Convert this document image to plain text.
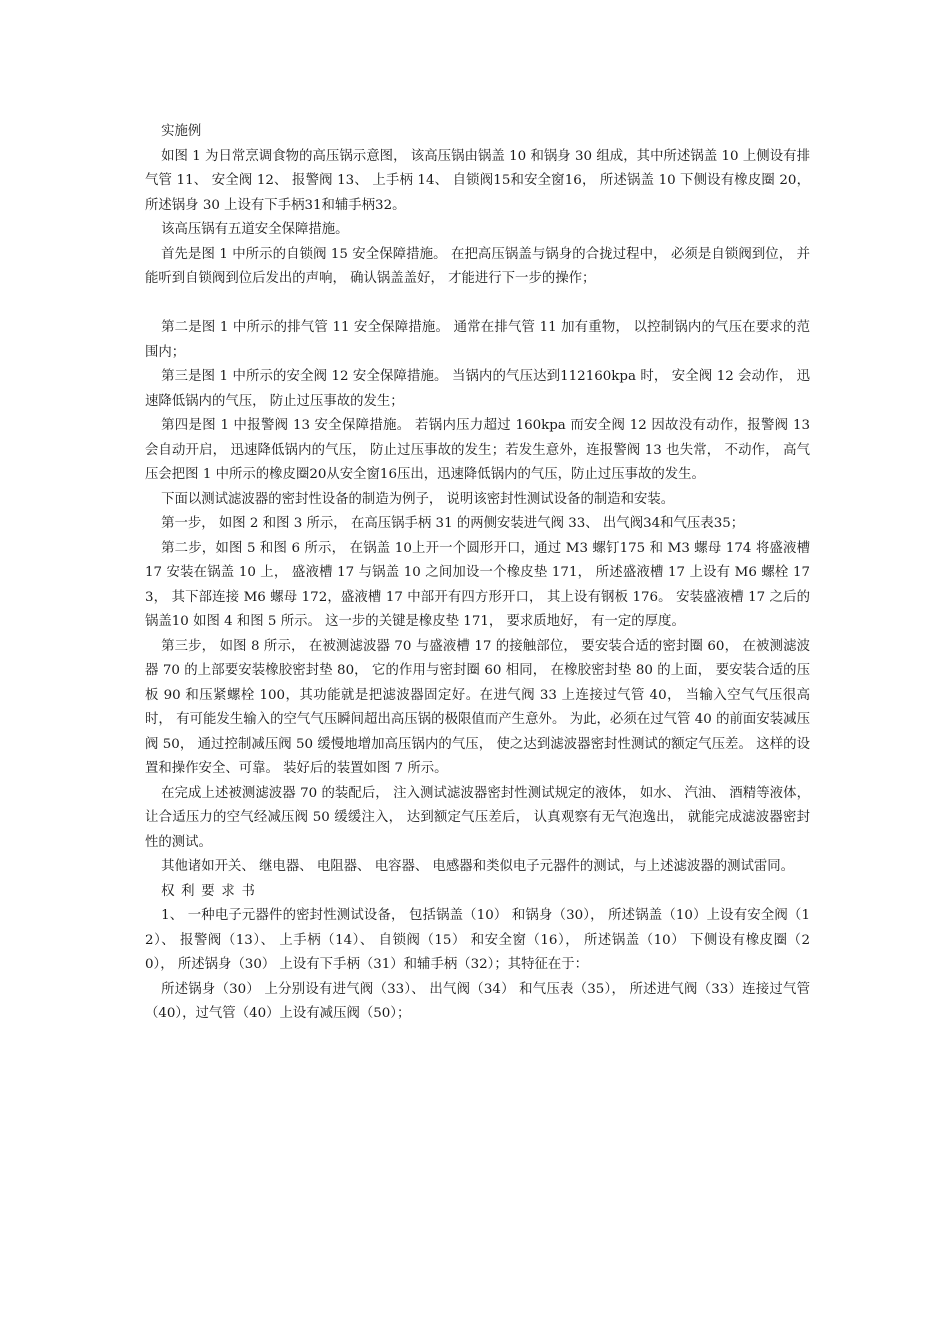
实施例

如图 1 为日常烹调食物的高压锅示意图， 该高压锅由锅盖 10 和锅身 30 组成，其中所述锅盖 10 上侧设有排气管 11、 安全阀 12、 报警阀 13、 上手柄 14、 自锁阀15和安全窗16， 所述锅盖 10 下侧设有橡皮圈 20， 所述锅身 30 上设有下手柄31和辅手柄32。

该高压锅有五道安全保障措施。

首先是图 1 中所示的自锁阀 15 安全保障措施。 在把高压锅盖与锅身的合拢过程中， 必须是自锁阀到位， 并能听到自锁阀到位后发出的声响， 确认锅盖盖好， 才能进行下一步的操作；

第二是图 1 中所示的排气管 11 安全保障措施。 通常在排气管 11 加有重物， 以控制锅内的气压在要求的范围内；

第三是图 1 中所示的安全阀 12 安全保障措施。 当锅内的气压达到112160kpa 时， 安全阀 12 会动作， 迅速降低锅内的气压， 防止过压事故的发生；

第四是图 1 中报警阀 13 安全保障措施。 若锅内压力超过 160kpa 而安全阀 12 因故没有动作，报警阀 13 会自动开启， 迅速降低锅内的气压， 防止过压事故的发生；若发生意外，连报警阀 13 也失常， 不动作， 高气压会把图 1 中所示的橡皮圈20从安全窗16压出，迅速降低锅内的气压，防止过压事故的发生。

下面以测试滤波器的密封性设备的制造为例子， 说明该密封性测试设备的制造和安装。

第一步， 如图 2 和图 3 所示， 在高压锅手柄 31 的两侧安装进气阀 33、 出气阀34和气压表35；

第二步，如图 5 和图 6 所示， 在锅盖 10上开一个圆形开口，通过 M3 螺钉175 和 M3 螺母 174 将盛液槽 17 安装在锅盖 10 上， 盛液槽 17 与锅盖 10 之间加设一个橡皮垫 171， 所述盛液槽 17 上设有 M6 螺栓 173， 其下部连接 M6 螺母 172，盛液槽 17 中部开有四方形开口， 其上设有钢板 176。 安装盛液槽 17 之后的锅盖10 如图 4 和图 5 所示。 这一步的关键是橡皮垫 171， 要求质地好， 有一定的厚度。

第三步， 如图 8 所示， 在被测滤波器 70 与盛液槽 17 的接触部位， 要安装合适的密封圈 60， 在被测滤波器 70 的上部要安装橡胶密封垫 80， 它的作用与密封圈 60 相同， 在橡胶密封垫 80 的上面， 要安装合适的压板 90 和压紧螺栓 100，其功能就是把滤波器固定好。在进气阀 33 上连接过气管 40， 当输入空气气压很高时， 有可能发生输入的空气气压瞬间超出高压锅的极限值而产生意外。 为此，必须在过气管 40 的前面安装减压阀 50， 通过控制减压阀 50 缓慢地增加高压锅内的气压， 使之达到滤波器密封性测试的额定气压差。 这样的设置和操作安全、可靠。 装好后的装置如图 7 所示。

在完成上述被测滤波器 70 的装配后， 注入测试滤波器密封性测试规定的液体， 如水、 汽油、 酒精等液体， 让合适压力的空气经减压阀 50 缓缓注入， 达到额定气压差后， 认真观察有无气泡逸出， 就能完成滤波器密封性的测试。

其他诸如开关、 继电器、 电阻器、 电容器、 电感器和类似电子元器件的测试，与上述滤波器的测试雷同。

权利要求书

1、 一种电子元器件的密封性测试设备， 包括锅盖（10） 和锅身（30）， 所述锅盖（10）上设有安全阀（12）、 报警阀（13）、 上手柄（14）、 自锁阀（15） 和安全窗（16）， 所述锅盖（10） 下侧设有橡皮圈（20）， 所述锅身（30） 上设有下手柄（31）和辅手柄（32）；其特征在于：

所述锅身（30） 上分别设有进气阀（33）、 出气阀（34） 和气压表（35）， 所述进气阀（33）连接过气管（40），过气管（40）上设有减压阀（50）；
